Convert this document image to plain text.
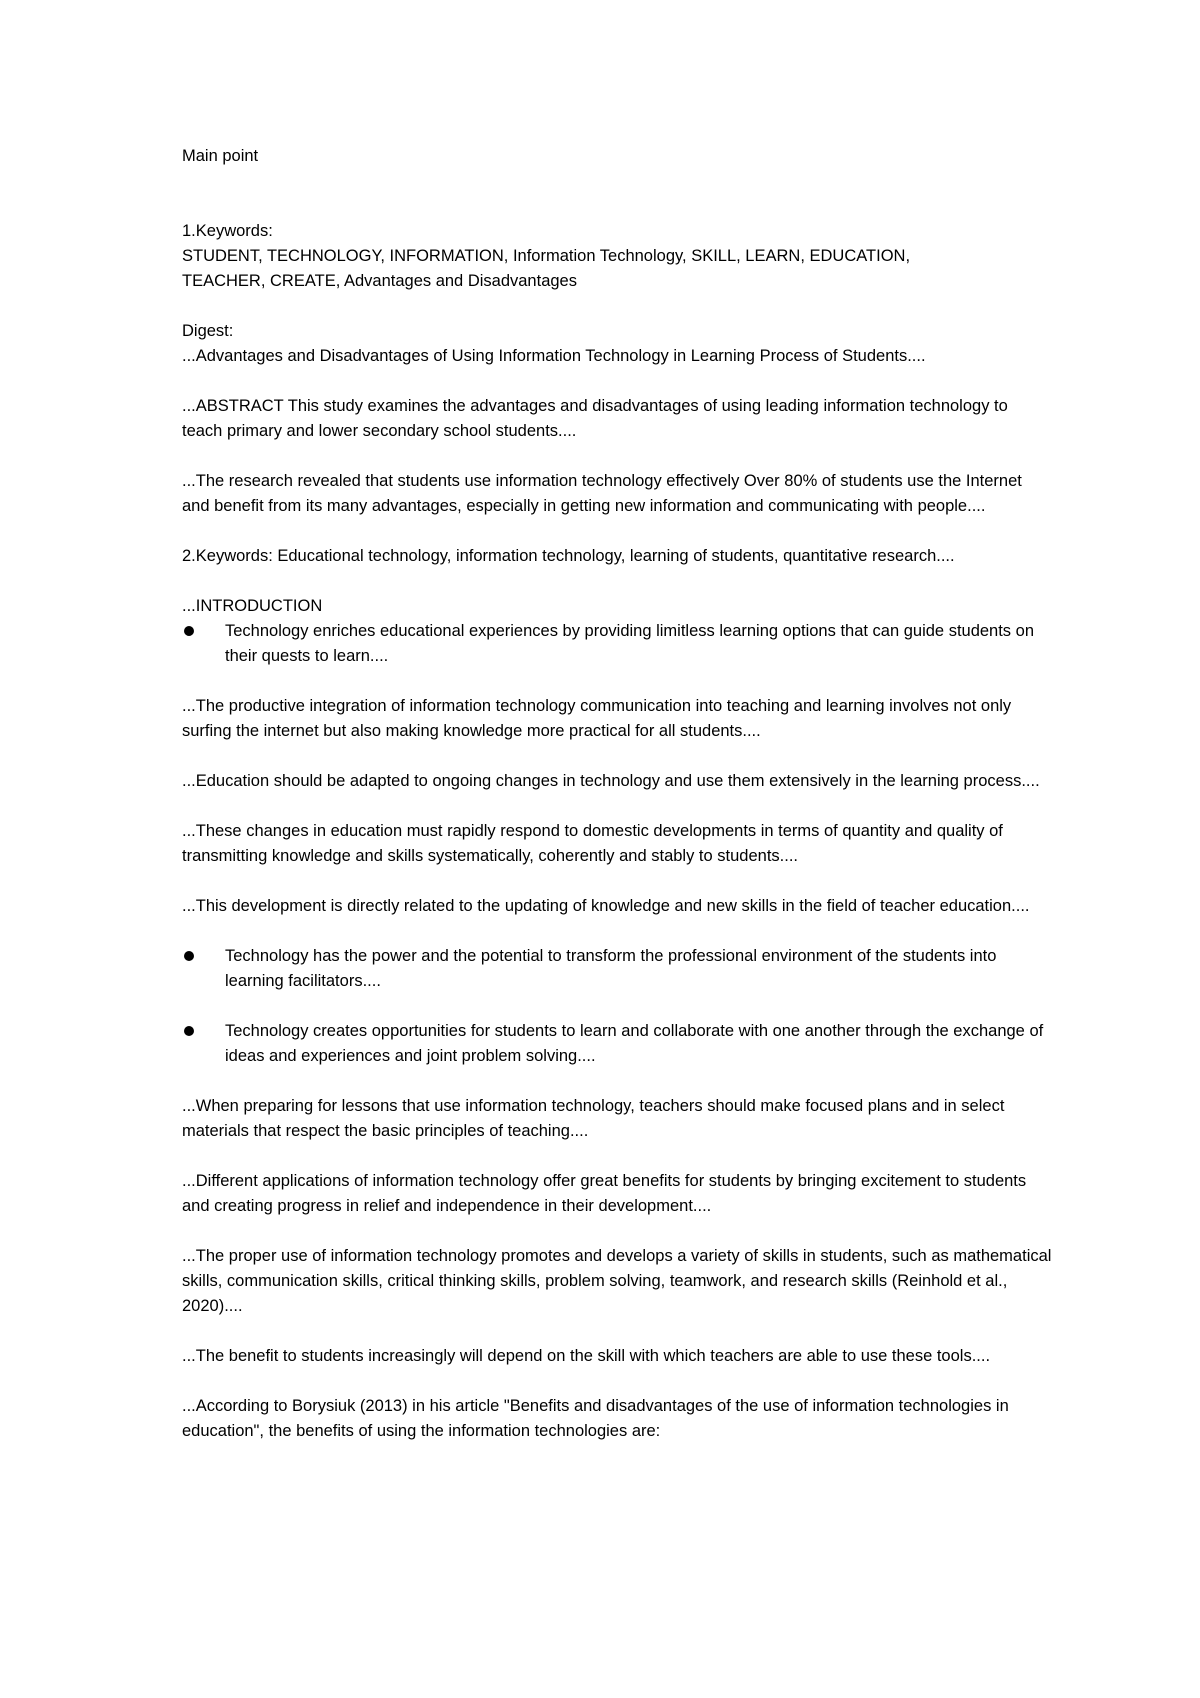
Main point
1.Keywords:
STUDENT, TECHNOLOGY, INFORMATION, Information Technology, SKILL, LEARN, EDUCATION,
TEACHER, CREATE, Advantages and Disadvantages
Digest:
...Advantages and Disadvantages of Using Information Technology in Learning Process of Students....
...ABSTRACT This study examines the advantages and disadvantages of using leading information technology to teach primary and lower secondary school students....
...The research revealed that students use information technology effectively Over 80% of students use the Internet and benefit from its many advantages, especially in getting new information and communicating with people....
2.Keywords: Educational technology, information technology, learning of students, quantitative research....
...INTRODUCTION
Technology enriches educational experiences by providing limitless learning options that can guide students on their quests to learn....
...The productive integration of information technology communication into teaching and learning involves not only surfing the internet but also making knowledge more practical for all students....
...Education should be adapted to ongoing changes in technology and use them extensively in the learning process....
...These changes in education must rapidly respond to domestic developments in terms of quantity and quality of transmitting knowledge and skills systematically, coherently and stably to students....
...This development is directly related to the updating of knowledge and new skills in the field of teacher education....
Technology has the power and the potential to transform the professional environment of the students into learning facilitators....
Technology creates opportunities for students to learn and collaborate with one another through the exchange of ideas and experiences and joint problem solving....
...When preparing for lessons that use information technology, teachers should make focused plans and in select materials that respect the basic principles of teaching....
...Different applications of information technology offer great benefits for students by bringing excitement to students and creating progress in relief and independence in their development....
...The proper use of information technology promotes and develops a variety of skills in students, such as mathematical skills, communication skills, critical thinking skills, problem solving, teamwork, and research skills (Reinhold et al., 2020)....
...The benefit to students increasingly will depend on the skill with which teachers are able to use these tools....
...According to Borysiuk (2013) in his article "Benefits and disadvantages of the use of information technologies in education", the benefits of using the information technologies are:
